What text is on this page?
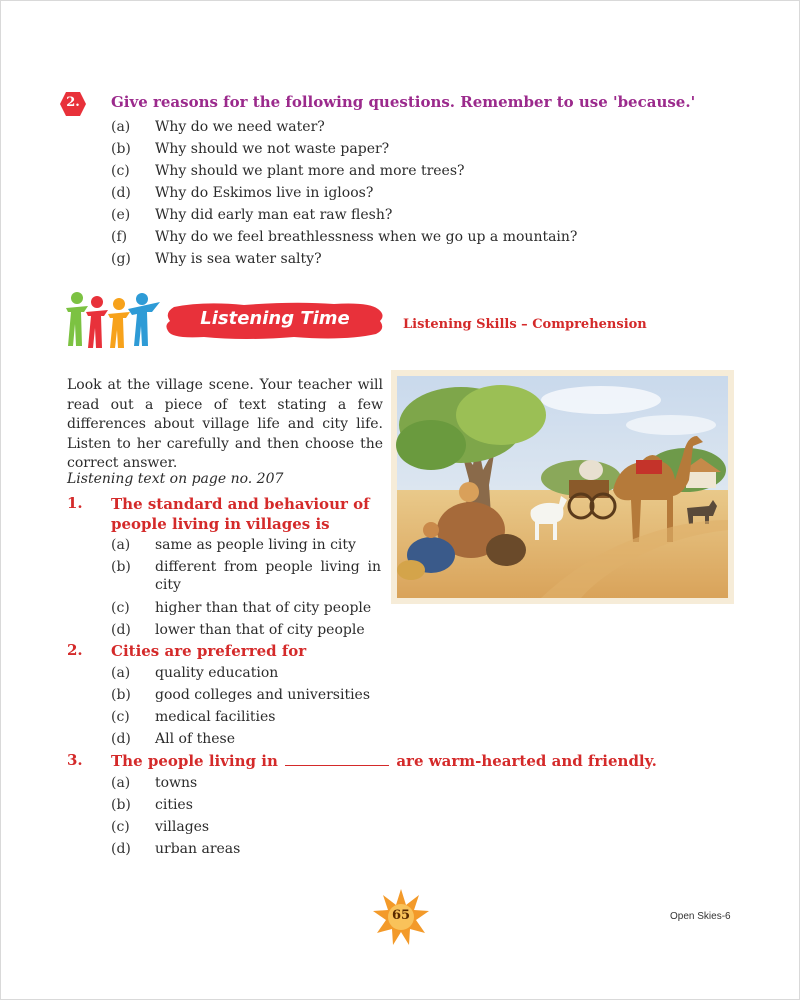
2.	Give reasons for the following questions. Remember to use 'because.'
(a) Why do we need water?
(b) Why should we not waste paper?
(c) Why should we plant more and more trees?
(d) Why do Eskimos live in igloos?
(e) Why did early man eat raw flesh?
(f) Why do we feel breathlessness when we go up a mountain?
(g) Why is sea water salty?
Listening Time	Listening Skills – Comprehension
Look at the village scene. Your teacher will read out a piece of text stating a few differences about village life and city life. Listen to her carefully and then choose the correct answer.
Listening text on page no. 207
1. The standard and behaviour of people living in villages is
(a) same as people living in city
(b) different from people living in city
(c) higher than that of city people
(d) lower than that of city people
2. Cities are preferred for
(a) quality education
(b) good colleges and universities
(c) medical facilities
(d) All of these
3. The people living in	are warm-hearted and friendly.
(a) towns
(b) cities
(c) villages
(d) urban areas
65	Open Skies-6
